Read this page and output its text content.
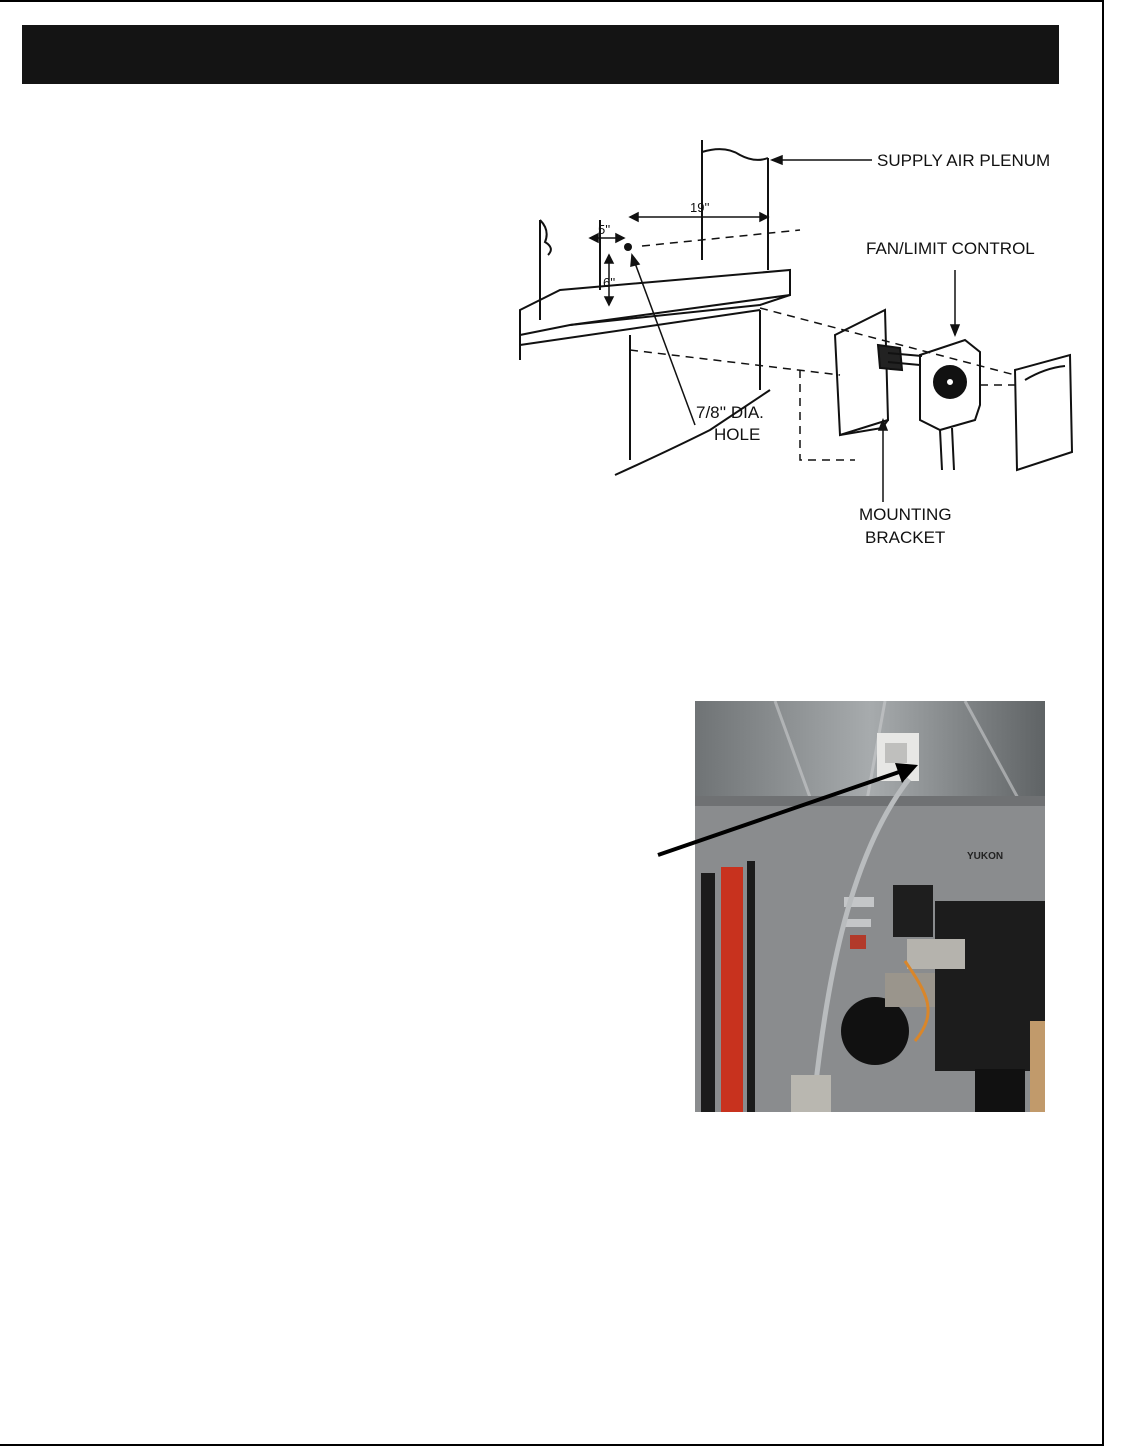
SUPPLY AIR PLENUM
FAN/LIMIT CONTROL
7/8'' DIA.
HOLE
MOUNTING
BRACKET
19''
5''
6''
YUKON
